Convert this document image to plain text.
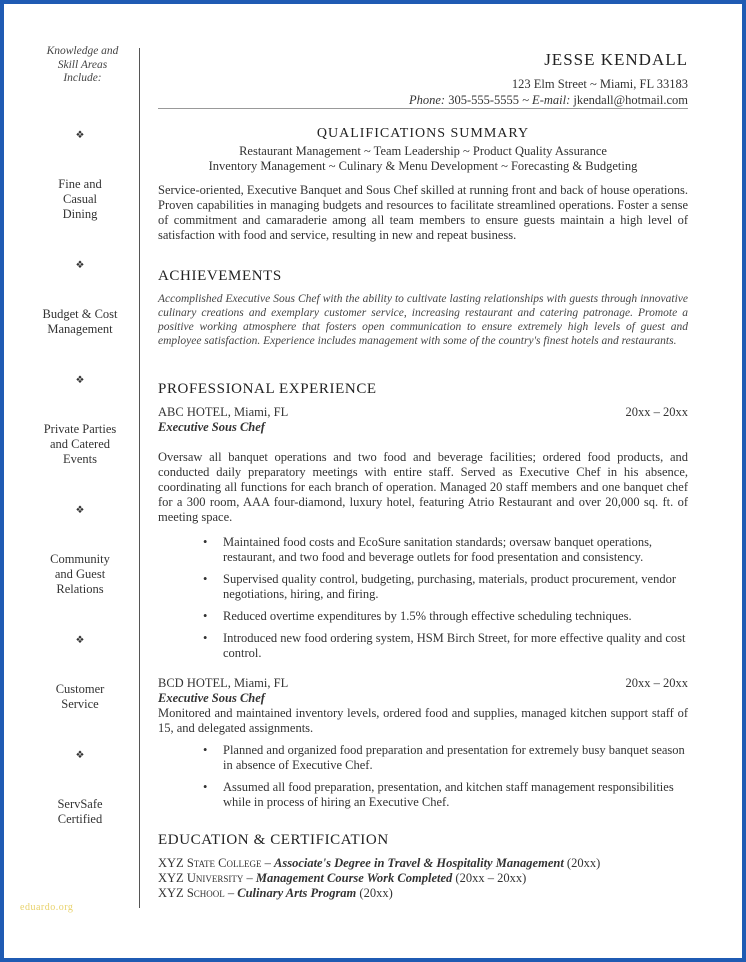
Knowledge and
Skill Areas
Include:
❖
Fine and
Casual
Dining
❖
Budget & Cost
Management
❖
Private Parties
and Catered
Events
❖
Community
and Guest
Relations
❖
Customer
Service
❖
ServSafe
Certified
eduardo.org
JESSE KENDALL
123 Elm Street ~ Miami, FL 33183
Phone: 305-555-5555 ~ E-mail: jkendall@hotmail.com
QUALIFICATIONS SUMMARY
Restaurant Management ~ Team Leadership ~ Product Quality Assurance
Inventory Management ~ Culinary & Menu Development ~ Forecasting & Budgeting
Service-oriented, Executive Banquet and Sous Chef skilled at running front and back of house operations. Proven capabilities in managing budgets and resources to facilitate streamlined operations. Foster a sense of commitment and camaraderie among all team members to ensure guests maintain a high level of satisfaction with food and service, resulting in new and repeat business.
ACHIEVEMENTS
Accomplished Executive Sous Chef with the ability to cultivate lasting relationships with guests through innovative culinary creations and exemplary customer service, increasing restaurant and catering patronage. Promote a positive working atmosphere that fosters open communication to ensure extremely high levels of guest and employee satisfaction. Experience includes management with some of the country's finest hotels and restaurants.
PROFESSIONAL EXPERIENCE
ABC HOTEL, Miami, FL	20xx – 20xx
Executive Sous Chef
Oversaw all banquet operations and two food and beverage facilities; ordered food products, and conducted daily preparatory meetings with entire staff. Served as Executive Chef in his absence, coordinating all functions for each branch of operation. Managed 20 staff members and one banquet chef for a 300 room, AAA four-diamond, luxury hotel, featuring Atrio Restaurant and over 20,000 sq. ft. of meeting space.
• Maintained food costs and EcoSure sanitation standards; oversaw banquet operations, restaurant, and two food and beverage outlets for food presentation and consistency.
• Supervised quality control, budgeting, purchasing, materials, product procurement, vendor negotiations, hiring, and firing.
• Reduced overtime expenditures by 1.5% through effective scheduling techniques.
• Introduced new food ordering system, HSM Birch Street, for more effective quality and cost control.
BCD HOTEL, Miami, FL	20xx – 20xx
Executive Sous Chef
Monitored and maintained inventory levels, ordered food and supplies, managed kitchen support staff of 15, and delegated assignments.
• Planned and organized food preparation and presentation for extremely busy banquet season in absence of Executive Chef.
• Assumed all food preparation, presentation, and kitchen staff management responsibilities while in process of hiring an Executive Chef.
EDUCATION & CERTIFICATION
XYZ State College – Associate's Degree in Travel & Hospitality Management (20xx)
XYZ University – Management Course Work Completed (20xx – 20xx)
XYZ School – Culinary Arts Program (20xx)
